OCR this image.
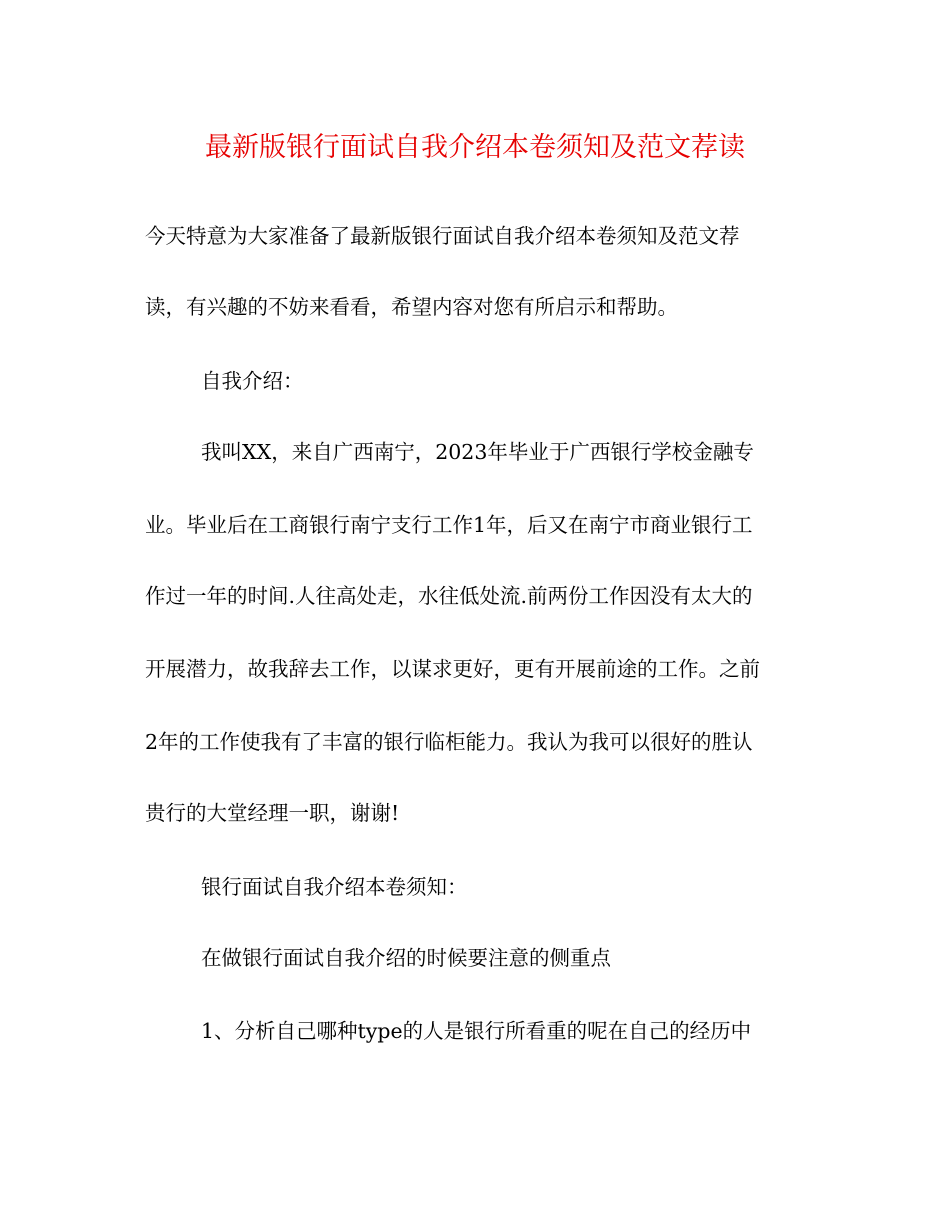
最新版银行面试自我介绍本卷须知及范文荐读
今天特意为大家准备了最新版银行面试自我介绍本卷须知及范文荐
读，有兴趣的不妨来看看，希望内容对您有所启示和帮助。
自我介绍：
我叫XX，来自广西南宁，2023年毕业于广西银行学校金融专
业。毕业后在工商银行南宁支行工作1年，后又在南宁市商业银行工
作过一年的时间.人往高处走，水往低处流.前两份工作因没有太大的
开展潜力，故我辞去工作，以谋求更好，更有开展前途的工作。之前
2年的工作使我有了丰富的银行临柜能力。我认为我可以很好的胜认
贵行的大堂经理一职，谢谢!
银行面试自我介绍本卷须知：
在做银行面试自我介绍的时候要注意的侧重点
1、分析自己哪种type的人是银行所看重的呢在自己的经历中
